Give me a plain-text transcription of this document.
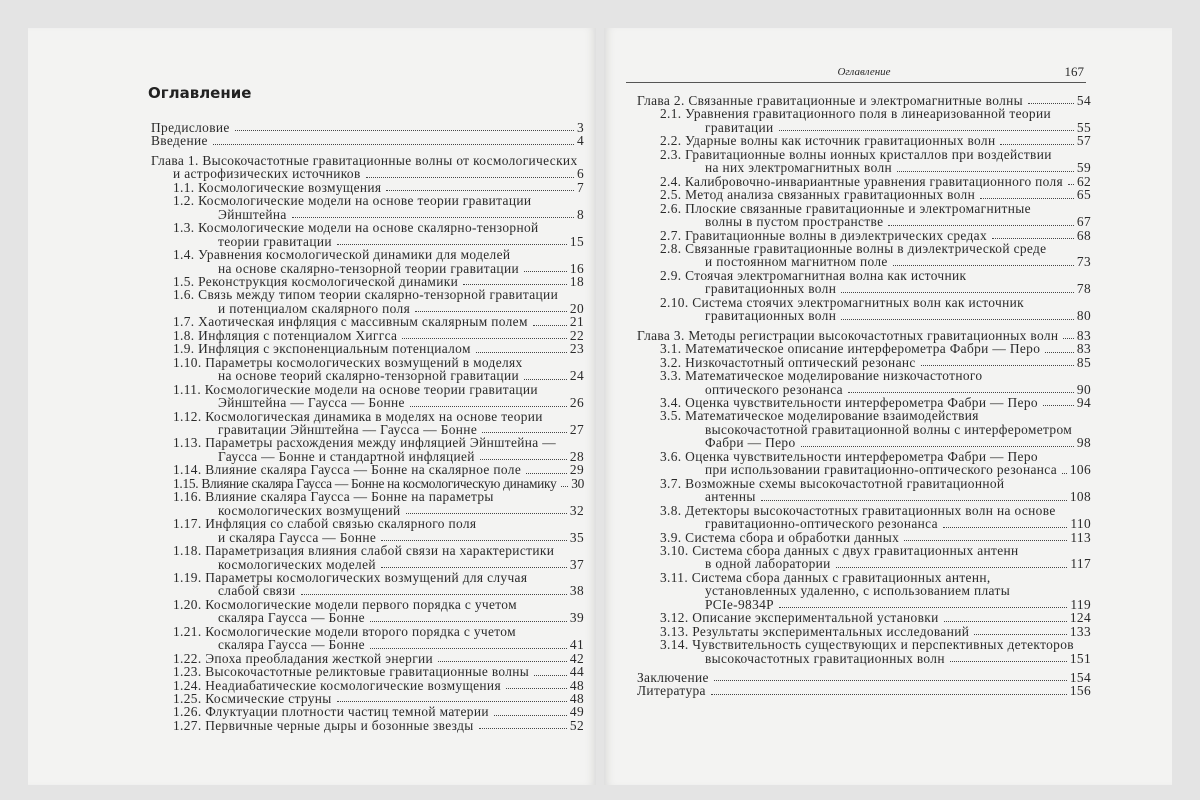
Оглавление
Предисловие	3
Введение	4
Глава 1. Высокочастотные гравитационные волны от космологических
и астрофизических источников	6
1.1. Космологические возмущения	7
1.2. Космологические модели на основе теории гравитации
Эйнштейна	8
1.3. Космологические модели на основе скалярно-тензорной
теории гравитации	15
1.4. Уравнения космологической динамики для моделей
на основе скалярно-тензорной теории гравитации	16
1.5. Реконструкция космологической динамики	18
1.6. Связь между типом теории скалярно-тензорной гравитации
и потенциалом скалярного поля	20
1.7. Хаотическая инфляция с массивным скалярным полем	21
1.8. Инфляция с потенциалом Хиггса	22
1.9. Инфляция с экспоненциальным потенциалом	23
1.10. Параметры космологических возмущений в моделях
на основе теорий скалярно-тензорной гравитации	24
1.11. Космологические модели на основе теории гравитации
Эйнштейна — Гаусса — Бонне	26
1.12. Космологическая динамика в моделях на основе теории
гравитации Эйнштейна — Гаусса — Бонне	27
1.13. Параметры расхождения между инфляцией Эйнштейна —
Гаусса — Бонне и стандартной инфляцией	28
1.14. Влияние скаляра Гаусса — Бонне на скалярное поле	29
1.15. Влияние скаляра Гаусса — Бонне на космологическую динамику 30
1.16. Влияние скаляра Гаусса — Бонне на параметры
космологических возмущений	32
1.17. Инфляция со слабой связью скалярного поля
и скаляра Гаусса — Бонне	35
1.18. Параметризация влияния слабой связи на характеристики
космологических моделей	37
1.19. Параметры космологических возмущений для случая
слабой связи	38
1.20. Космологические модели первого порядка с учетом
скаляра Гаусса — Бонне	39
1.21. Космологические модели второго порядка с учетом
скаляра Гаусса — Бонне	41
1.22. Эпоха преобладания жесткой энергии	42
1.23. Высокочастотные реликтовые гравитационные волны	44
1.24. Неадиабатические космологические возмущения	48
1.25. Космические струны	48
1.26. Флуктуации плотности частиц темной материи	49
1.27. Первичные черные дыры и бозонные звезды	52
Оглавление	167
Глава 2. Связанные гравитационные и электромагнитные волны	54
2.1. Уравнения гравитационного поля в линеаризованной теории
гравитации	55
2.2. Ударные волны как источник гравитационных волн	57
2.3. Гравитационные волны ионных кристаллов при воздействии
на них электромагнитных волн	59
2.4. Калибровочно-инвариантные уравнения гравитационного поля 62
2.5. Метод анализа связанных гравитационных волн	65
2.6. Плоские связанные гравитационные и электромагнитные
волны в пустом пространстве	67
2.7. Гравитационные волны в диэлектрических средах	68
2.8. Связанные гравитационные волны в диэлектрической среде
и постоянном магнитном поле	73
2.9. Стоячая электромагнитная волна как источник
гравитационных волн	78
2.10. Система стоячих электромагнитных волн как источник
гравитационных волн	80
Глава 3. Методы регистрации высокочастотных гравитационных волн 83
3.1. Математическое описание интерферометра Фабри — Перо	83
3.2. Низкочастотный оптический резонанс	85
3.3. Математическое моделирование низкочастотного
оптического резонанса	90
3.4. Оценка чувствительности интерферометра Фабри — Перо	94
3.5. Математическое моделирование взаимодействия
высокочастотной гравитационной волны с интерферометром
Фабри — Перо	98
3.6. Оценка чувствительности интерферометра Фабри — Перо
при использовании гравитационно-оптического резонанса 106
3.7. Возможные схемы высокочастотной гравитационной
антенны	108
3.8. Детекторы высокочастотных гравитационных волн на основе
гравитационно-оптического резонанса	110
3.9. Система сбора и обработки данных	113
3.10. Система сбора данных с двух гравитационных антенн
в одной лаборатории	117
3.11. Система сбора данных с гравитационных антенн,
установленных удаленно, с использованием платы
PCIe-9834P	119
3.12. Описание экспериментальной установки	124
3.13. Результаты экспериментальных исследований	133
3.14. Чувствительность существующих и перспективных детекторов
высокочастотных гравитационных волн	151
Заключение	154
Литература	156
